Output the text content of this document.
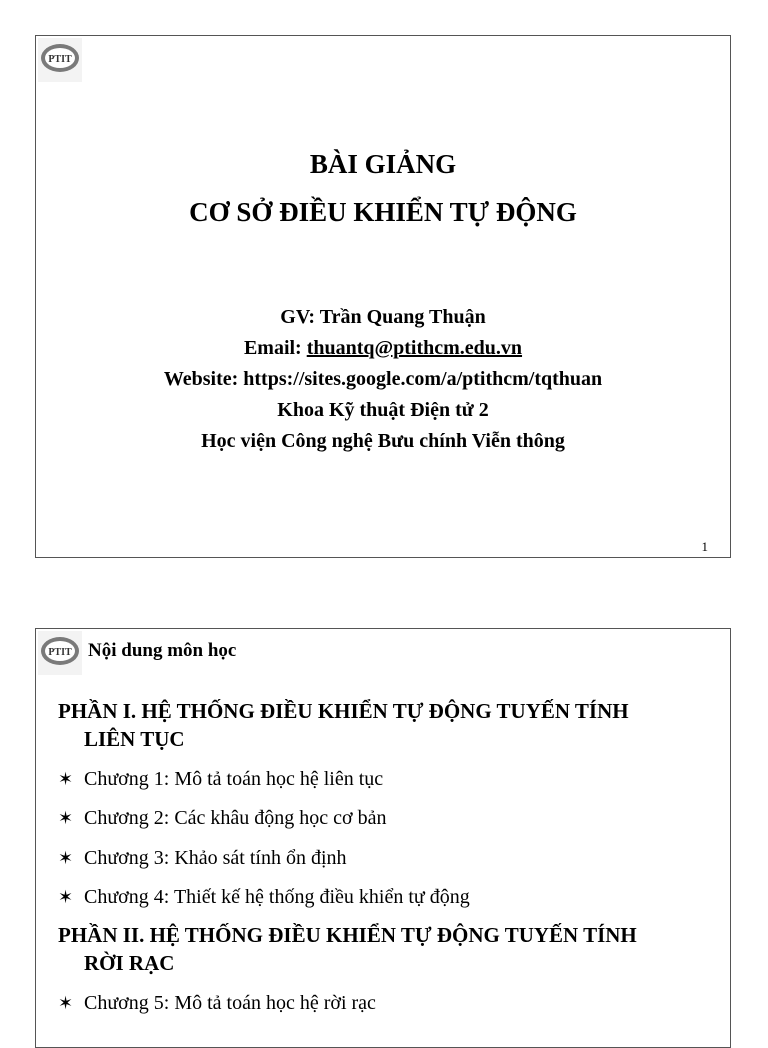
PTIT
BÀI GIẢNG
CƠ SỞ ĐIỀU KHIỂN TỰ ĐỘNG
GV: Trần Quang Thuận
Email: thuantq@ptithcm.edu.vn
Website: https://sites.google.com/a/ptithcm/tqthuan
Khoa Kỹ thuật Điện tử 2
Học viện Công nghệ Bưu chính Viễn thông
1
PTIT Nội dung môn học
PHẦN I. HỆ THỐNG ĐIỀU KHIỂN TỰ ĐỘNG TUYẾN TÍNH
LIÊN TỤC
✶ Chương 1: Mô tả toán học hệ liên tục
✶ Chương 2: Các khâu động học cơ bản
✶ Chương 3: Khảo sát tính ổn định
✶ Chương 4: Thiết kế hệ thống điều khiển tự động
PHẦN II. HỆ THỐNG ĐIỀU KHIỂN TỰ ĐỘNG TUYẾN TÍNH
RỜI RẠC
✶ Chương 5: Mô tả toán học hệ rời rạc
